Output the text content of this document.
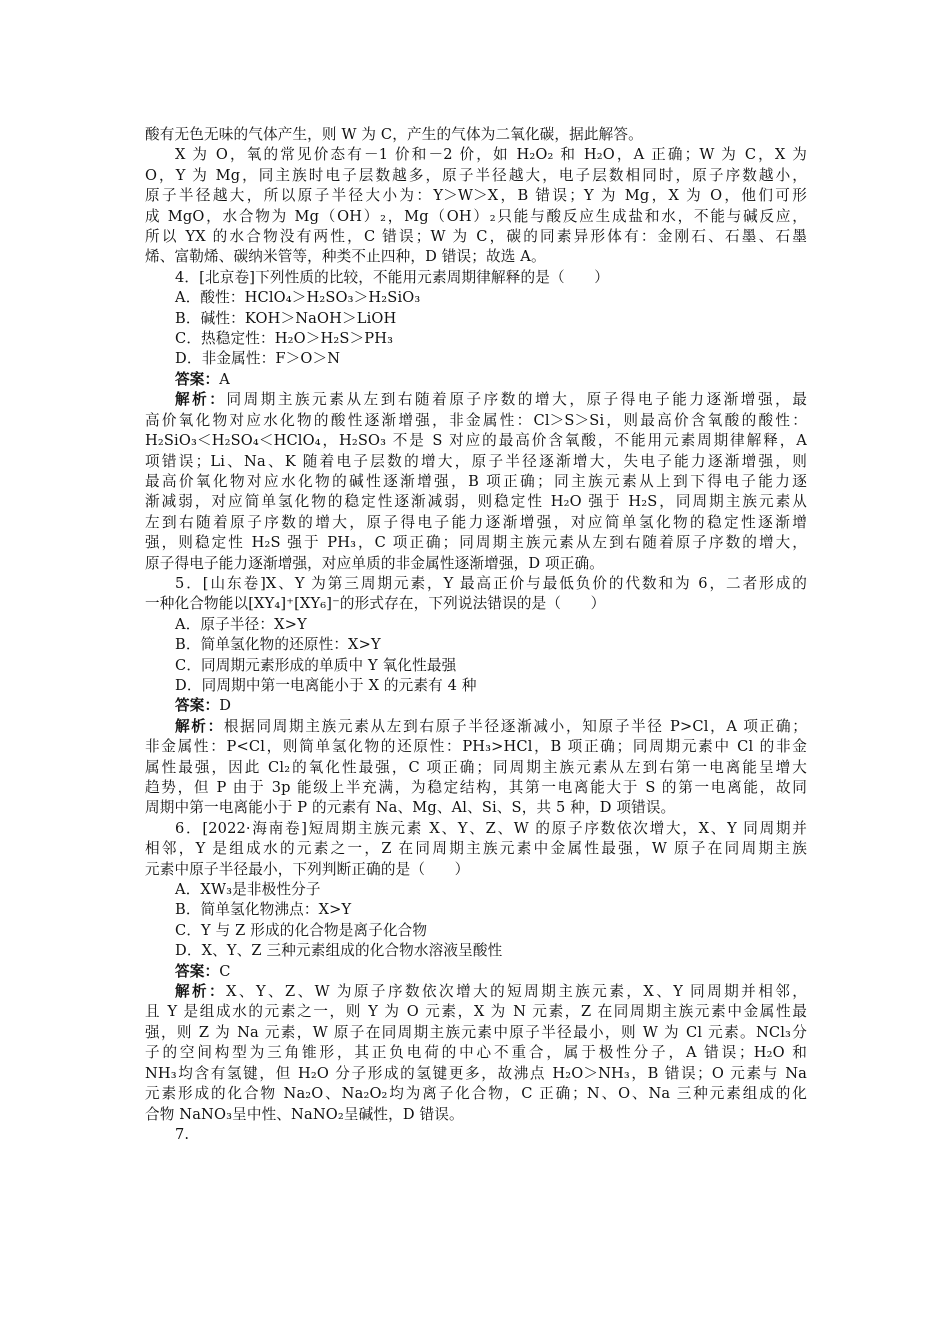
酸有无色无味的气体产生，则 W 为 C，产生的气体为二氧化碳，据此解答。
X 为 O，氧的常见价态有－1 价和－2 价，如 H₂O₂ 和 H₂O，A 正确；W 为 C，X 为
O，Y 为 Mg，同主族时电子层数越多，原子半径越大，电子层数相同时，原子序数越小，
原子半径越大，所以原子半径大小为：Y＞W＞X，B 错误；Y 为 Mg，X 为 O，他们可形
成 MgO，水合物为 Mg（OH）₂，Mg（OH）₂只能与酸反应生成盐和水，不能与碱反应，
所以 YX 的水合物没有两性，C 错误；W 为 C，碳的同素异形体有：金刚石、石墨、石墨
烯、富勒烯、碳纳米管等，种类不止四种，D 错误；故选 A。
4．[北京卷]下列性质的比较，不能用元素周期律解释的是（　　）
A．酸性：HClO₄＞H₂SO₃＞H₂SiO₃
B．碱性：KOH＞NaOH＞LiOH
C．热稳定性：H₂O＞H₂S＞PH₃
D．非金属性：F＞O＞N
答案：A
解析：同周期主族元素从左到右随着原子序数的增大，原子得电子能力逐渐增强，最
高价氧化物对应水化物的酸性逐渐增强，非金属性：Cl＞S＞Si，则最高价含氧酸的酸性：
H₂SiO₃＜H₂SO₄＜HClO₄，H₂SO₃ 不是 S 对应的最高价含氧酸，不能用元素周期律解释，A
项错误；Li、Na、K 随着电子层数的增大，原子半径逐渐增大，失电子能力逐渐增强，则
最高价氧化物对应水化物的碱性逐渐增强，B 项正确；同主族元素从上到下得电子能力逐
渐减弱，对应简单氢化物的稳定性逐渐减弱，则稳定性 H₂O 强于 H₂S，同周期主族元素从
左到右随着原子序数的增大，原子得电子能力逐渐增强，对应简单氢化物的稳定性逐渐增
强，则稳定性 H₂S 强于 PH₃，C 项正确；同周期主族元素从左到右随着原子序数的增大，
原子得电子能力逐渐增强，对应单质的非金属性逐渐增强，D 项正确。
5．[山东卷]X、Y 为第三周期元素，Y 最高正价与最低负价的代数和为 6，二者形成的
一种化合物能以[XY₄]⁺[XY₆]⁻的形式存在，下列说法错误的是（　　）
A．原子半径：X>Y
B．简单氢化物的还原性：X>Y
C．同周期元素形成的单质中 Y 氧化性最强
D．同周期中第一电离能小于 X 的元素有 4 种
答案：D
解析：根据同周期主族元素从左到右原子半径逐渐减小，知原子半径 P>Cl，A 项正确；
非金属性：P<Cl，则简单氢化物的还原性：PH₃>HCl，B 项正确；同周期元素中 Cl 的非金
属性最强，因此 Cl₂的氧化性最强，C 项正确；同周期主族元素从左到右第一电离能呈增大
趋势，但 P 由于 3p 能级上半充满，为稳定结构，其第一电离能大于 S 的第一电离能，故同
周期中第一电离能小于 P 的元素有 Na、Mg、Al、Si、S，共 5 种，D 项错误。
6．[2022·海南卷]短周期主族元素 X、Y、Z、W 的原子序数依次增大，X、Y 同周期并
相邻，Y 是组成水的元素之一，Z 在同周期主族元素中金属性最强，W 原子在同周期主族
元素中原子半径最小，下列判断正确的是（　　）
A．XW₃是非极性分子
B．简单氢化物沸点：X>Y
C．Y 与 Z 形成的化合物是离子化合物
D．X、Y、Z 三种元素组成的化合物水溶液呈酸性
答案：C
解析：X、Y、Z、W 为原子序数依次增大的短周期主族元素，X、Y 同周期并相邻，
且 Y 是组成水的元素之一，则 Y 为 O 元素，X 为 N 元素，Z 在同周期主族元素中金属性最
强，则 Z 为 Na 元素，W 原子在同周期主族元素中原子半径最小，则 W 为 Cl 元素。NCl₃分
子的空间构型为三角锥形，其正负电荷的中心不重合，属于极性分子，A 错误；H₂O 和
NH₃均含有氢键，但 H₂O 分子形成的氢键更多，故沸点 H₂O＞NH₃，B 错误；O 元素与 Na
元素形成的化合物 Na₂O、Na₂O₂均为离子化合物，C 正确；N、O、Na 三种元素组成的化
合物 NaNO₃呈中性、NaNO₂呈碱性，D 错误。
7.
